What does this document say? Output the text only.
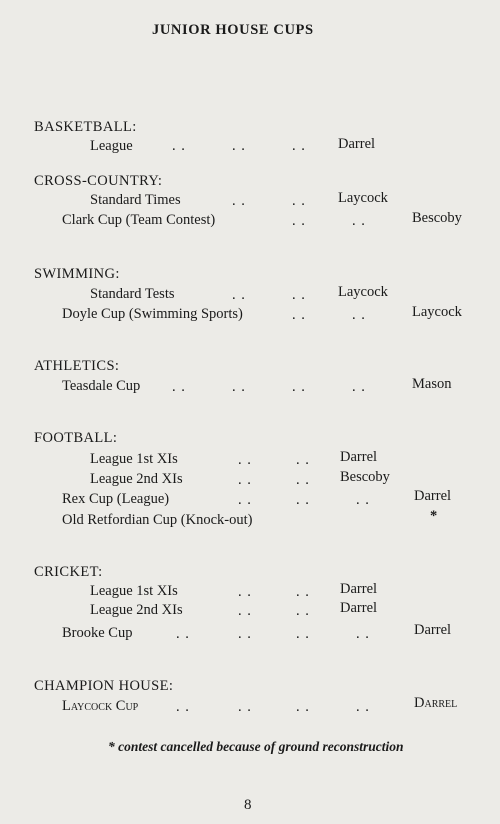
JUNIOR HOUSE CUPS
BASKETBALL:
League	. .	. .	. . Darrel
CROSS-COUNTRY:
Standard Times	. .	. . Laycock
Clark Cup (Team Contest)	. .	. .	Bescoby
SWIMMING:
Standard Tests	. .	. . Laycock
Doyle Cup (Swimming Sports)	. .	. .	Laycock
ATHLETICS:
Teasdale Cup . .	. .	. .	. .	Mason
FOOTBALL:
League 1st XIs	. .	. . Darrel
League 2nd XIs	. .	. . Bescoby
Rex Cup (League)	. .	. .	. .	Darrel
Old Retfordian Cup (Knock-out)	*
CRICKET:
League 1st XIs	. .	. . Darrel
League 2nd XIs	. .	. . Darrel
Brooke Cup	. .	. .	. .	. .	Darrel
CHAMPION HOUSE:
Laycock Cup	. .	. .	. .	. .	Darrel
* contest cancelled because of ground reconstruction
8
